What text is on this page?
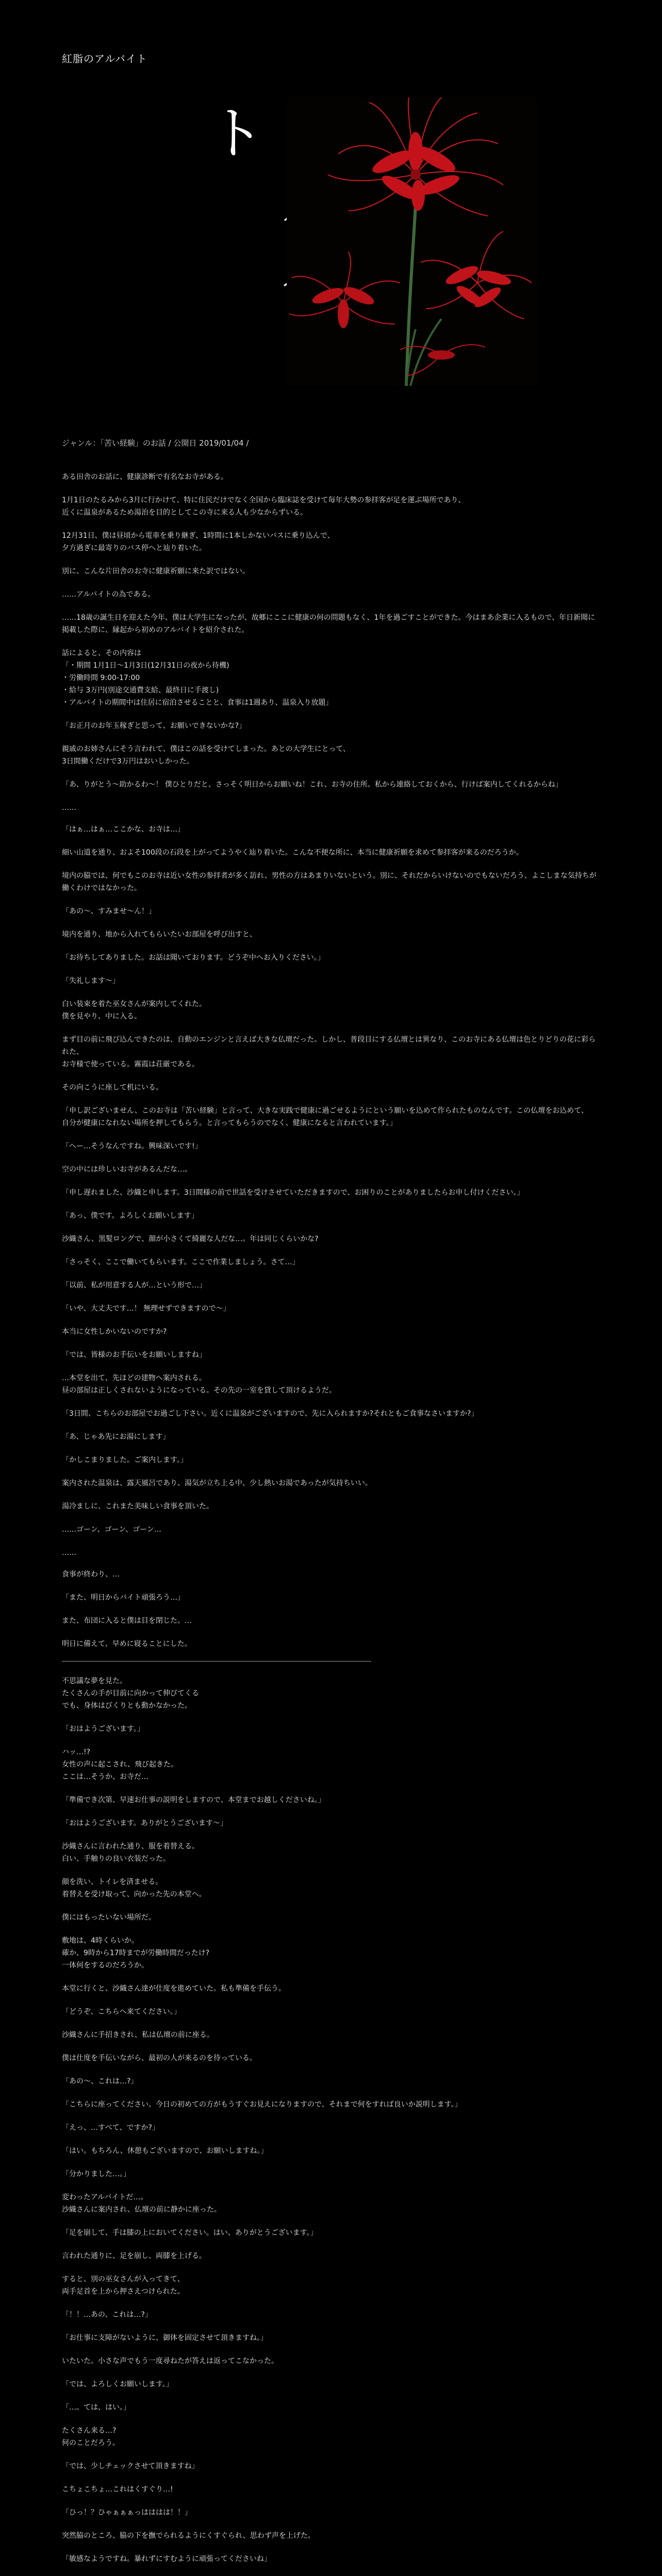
紅脂のアルバイト
ト
ジャンル：「苦い経験」のお話 / 公開日 2019/01/04 /

ある田舎のお話に、健康診断で有名なお寺がある。

1月1日のたるみから3月に行かけて、特に住民だけでなく全国から臨床誌を受けて毎年大勢の参拝客が足を運ぶ場所であり、
近くに温泉があるため湯治を目的としてこの寺に来る人も少なからずいる。

12月31日、僕は昼頃から電車を乗り継ぎ、1時間に1本しかないバスに乗り込んで、
夕方過ぎに最寄りのバス停へと辿り着いた。

別に、こんな片田舎のお寺に健康祈願に来た訳ではない。

……アルバイトの為である。

……18歳の誕生日を迎えた今年、僕は大学生になったが、故郷にここに健康の何の問題もなく、1年を過ごすことができた。今はまあ企業に入るもので、年日新聞に掲載した際に、縁起から初めのアルバイトを紹介された。

話によると、その内容は
「・期間 1月1日〜1月3日(12月31日の夜から待機)
・労働時間 9:00-17:00
・給与 3万円(別途交通費支給、最終日に手渡し)
・アルバイトの期間中は住居に宿泊させることと、食事は1週あり、温泉入り放題」

「お正月のお年玉稼ぎと思って、お願いできないかな?」

親戚のお姉さんにそう言われて、僕はこの話を受けてしまった。あとの大学生にとって、
3日間働くだけで3万円はおいしかった。

「あ、りがとう～助かるわ～！ 僕ひとりだと、さっそく明日からお願いね！これ、お寺の住所。私から連絡しておくから、行けば案内してくれるからね」

……

「はぁ…はぁ…ここかな、お寺は…」

細い山道を通り、およそ100段の石段を上がってようやく辿り着いた。こんな不便な所に、本当に健康祈願を求めて参拝客が来るのだろうか。

境内の脇では、何でもこのお寺は近い女性の参拝者が多く訪れ、男性の方はあまりいないという。別に、それだからいけないのでもないだろう、よこしまな気持ちが働くわけではなかった。

「あの～、すみませ～ん！」

境内を通り、地から入れてもらいたいお部屋を呼び出すと、

「お待ちしてありました。お話は聞いております。どうぞ中へお入りください。」

「失礼します～」

白い装束を着た巫女さんが案内してくれた。
僕を見やり、中に入る。

まず目の前に飛び込んできたのは、自動のエンジンと言えば大きな仏壇だった。しかし、普段目にする仏壇とは異なり、このお寺にある仏壇は色とりどりの花に彩られた、
お寺様で使っている。霧霞は荘厳である。

その向こうに座して机にいる。

「申し訳ございません、このお寺は「苦い経験」と言って、大きな実践で健康に過ごせるようにという願いを込めて作られたものなんです。この仏壇をお込めて、
自分が健康になれない場所を押してもらう。と言ってもらうのでなく、健康になると言われています。」

「へー…そうなんですね。興味深いです!」

空の中には珍しいお寺があるんだな…。

「申し遅れました、沙織と申します。3日間様の前で世話を受けさせていただきますので、お困りのことがありましたらお申し付けください。」

「あっ、僕です。よろしくお願いします」

沙織さん、黒髪ロングで、顔が小さくて綺麗な人だな…。年は同じくらいかな?

「さっそく、ここで働いてもらいます。ここで作業しましょう。さて…」

「以前、私が用意する人が…という形で…」

「いや、大丈夫です…！ 無理せずできますので～」

本当に女性しかいないのですか?

「では、皆様のお手伝いをお願いしますね」

…本堂を出て、先ほどの建物へ案内される。
昼の部屋は正しくされないようになっている。その先の一室を貸して頂けるようだ。

「3日間、こちらのお部屋でお過ごし下さい。近くに温泉がございますので、先に入られますか?それともご食事なさいますか?」

「あ、じゃあ先にお湯にします」

「かしこまりました。ご案内します。」

案内された温泉は、露天風呂であり、湯気が立ち上る中、少し熱いお湯であったが気持ちいい。

湯冷ましに、これまた美味しい食事を頂いた。

……ゴーン、ゴーン、ゴーン…

……

食事が終わり、…

「また、明日からバイト頑張ろう…」

また、布団に入ると僕は目を閉じた。…

明日に備えて、早めに寝ることにした。

不思議な夢を見た。
たくさんの手が目前に向かって伸びてくる
でも、身体はびくりとも動かなかった。

「おはようございます。」

ハッ…!?
女性の声に起こされ、飛び起きた。
ここは…そうか、お寺だ…

「準備でき次第、早速お仕事の説明をしますので、本堂までお越しくださいね。」

「おはようございます。ありがとうございます～」

沙織さんに言われた通り、服を着替える。
白い、手触りの良い衣装だった。

顔を洗い、トイレを済ませる。
着替えを受け取って、向かった先の本堂へ。

僕にはもったいない場所だ。

敷地は、4時くらいか。
確か、9時から17時までが労働時間だったけ?
一体何をするのだろうか。

本堂に行くと、沙織さん達が仕度を進めていた。私も準備を手伝う。

「どうぞ、こちらへ来てください。」

沙織さんに手招きされ、私は仏壇の前に座る。

僕は仕度を手伝いながら、最初の人が来るのを待っている。

「あの～、これは…?」

「こちらに座ってください。今日の初めての方がもうすぐお見えになりますので、それまで何をすれば良いか説明します。」

「えっ、…すべて、ですか?」

「はい。もちろん、休憩もございますので、お願いしますね。」

「分かりました…。」

変わったアルバイトだ…。
沙織さんに案内され、仏壇の前に静かに座った。

「足を崩して、手は膝の上においてください。はい、ありがとうございます。」

言われた通りに、足を崩し、両膝を上げる。

すると、別の巫女さんが入ってきて、
両手足首を上から押さえつけられた。

「！！…あの、これは…?」

「お仕事に支障がないように、御体を固定させて頂きますね。」

いたいた。小さな声でもう一度尋ねたが答えは返ってこなかった。

「では、よろしくお願いします。」

「…。ては、はい。」

たくさん来る…?
何のことだろう。

「では、少しチェックさせて頂きますね」

こちょこちょ…これはくすぐり…!

「ひっ！？ひゃぁぁぁっはははは！！」

突然脇のところ、脇の下を撫でられるようにくすぐられ、思わず声を上げた。

「敏感なようですね。暴れずにすむように頑張ってくださいね」
